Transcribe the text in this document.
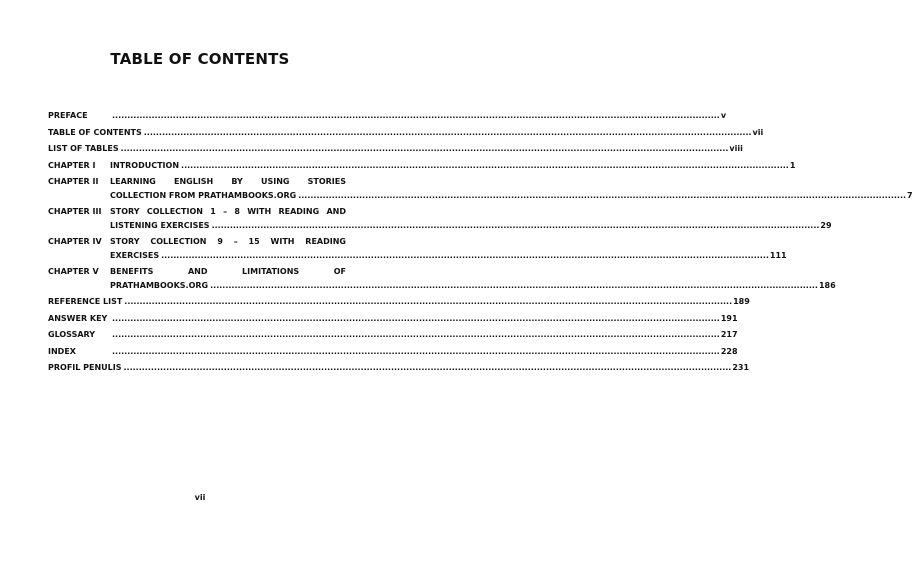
TABLE OF CONTENTS
PREFACE	........................................................................................................................................................................................................ v
TABLE OF CONTENTS ........................................................................................................................................................................................................ vii
LIST OF TABLES ........................................................................................................................................................................................................ viii
CHAPTER I	INTRODUCTION ........................................................................................................................................................................................................ 1
CHAPTER II	LEARNING ENGLISH BY USING STORIES
COLLECTION FROM PRATHAMBOOKS.ORG ........................................................................................................................................................................................................ 7
CHAPTER III	STORY COLLECTION 1 – 8 WITH READING AND
LISTENING EXERCISES ........................................................................................................................................................................................................ 29
CHAPTER IV	STORY COLLECTION 9 – 15 WITH READING
EXERCISES ........................................................................................................................................................................................................ 111
CHAPTER V	BENEFITS AND LIMITATIONS OF
PRATHAMBOOKS.ORG ........................................................................................................................................................................................................ 186
REFERENCE LIST ........................................................................................................................................................................................................ 189
ANSWER KEY ........................................................................................................................................................................................................ 191
GLOSSARY	........................................................................................................................................................................................................ 217
INDEX	........................................................................................................................................................................................................ 228
PROFIL PENULIS ........................................................................................................................................................................................................ 231
vii
